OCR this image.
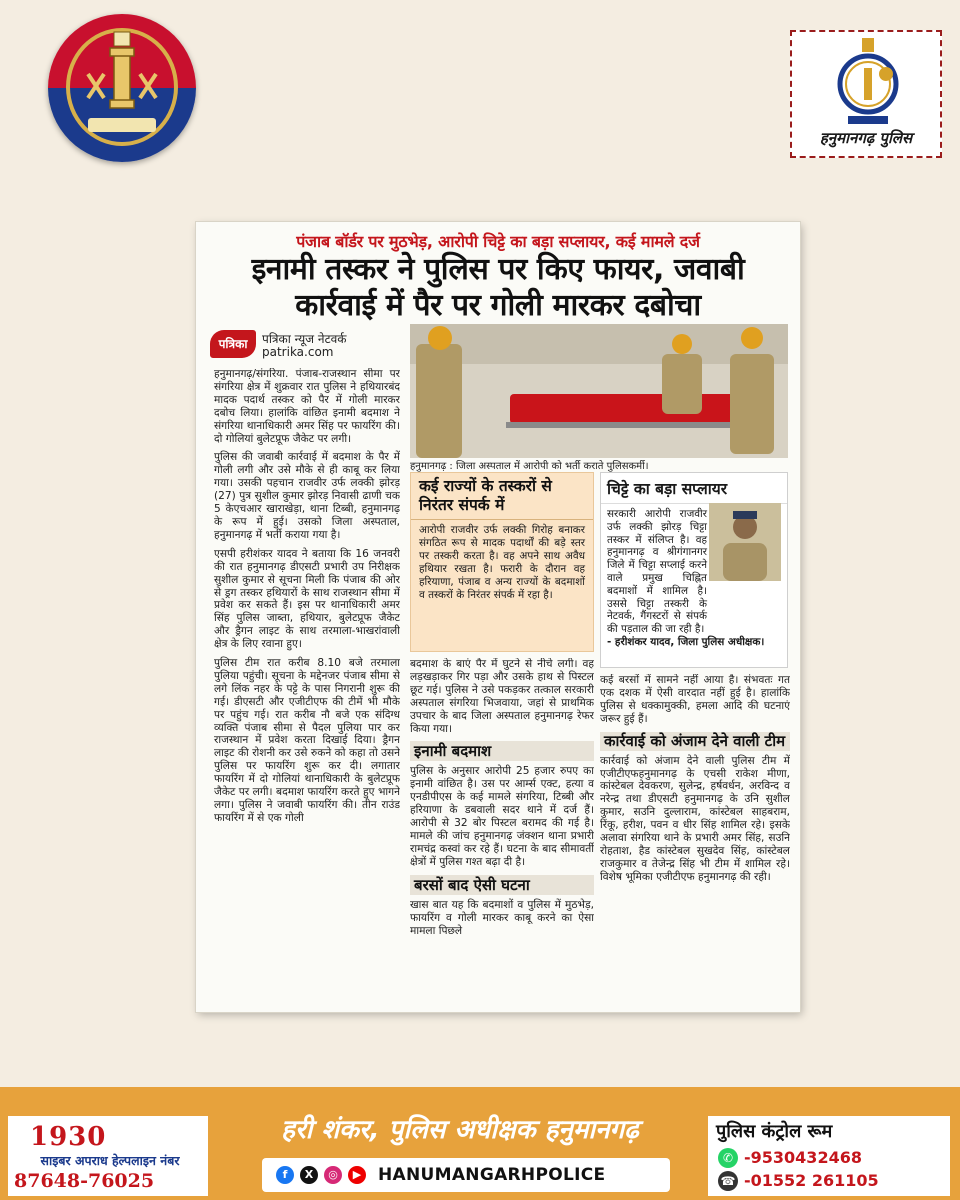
हनुमानगढ़ पुलिस
पंजाब बॉर्डर पर मुठभेड़, आरोपी चिट्टे का बड़ा सप्लायर, कई मामले दर्ज
इनामी तस्कर ने पुलिस पर किए फायर, जवाबी
कार्रवाई में पैर पर गोली मारकर दबोचा
पत्रिका	पत्रिका न्यूज नेटवर्क
patrika.com

हनुमानगढ़/संगरिया. पंजाब-राजस्थान सीमा पर संगरिया क्षेत्र में शुक्रवार रात पुलिस ने हथियारबंद मादक पदार्थ तस्कर को पैर में गोली मारकर दबोच लिया। हालांकि वांछित इनामी बदमाश ने संगरिया थानाधिकारी अमर सिंह पर फायरिंग की। दो गोलियां बुलेटप्रूफ जैकेट पर लगी।

पुलिस की जवाबी कार्रवाई में बदमाश के पैर में गोली लगी और उसे मौके से ही काबू कर लिया गया। उसकी पहचान राजवीर उर्फ लक्की झोरड़ (27) पुत्र सुशील कुमार झोरड़ निवासी ढाणी चक 5 केएचआर खाराखेड़ा, थाना टिब्बी, हनुमानगढ़ के रूप में हुई। उसको जिला अस्पताल, हनुमानगढ़ में भर्ती कराया गया है।

एसपी हरीशंकर यादव ने बताया कि 16 जनवरी की रात हनुमानगढ़ डीएसटी प्रभारी उप निरीक्षक सुशील कुमार से सूचना मिली कि पंजाब की ओर से ड्रग तस्कर हथियारों के साथ राजस्थान सीमा में प्रवेश कर सकते हैं। इस पर थानाधिकारी अमर सिंह पुलिस जाब्ता, हथियार, बुलेटप्रूफ जैकेट और ड्रैगन लाइट के साथ तरमाला-भाखरांवाली क्षेत्र के लिए रवाना हुए।

पुलिस टीम रात करीब 8.10 बजे तरमाला पुलिया पहुंची। सूचना के मद्देनजर पंजाब सीमा से लगे लिंक नहर के पट्टे के पास निगरानी शुरू की गई। डीएसटी और एजीटीएफ की टीमें भी मौके पर पहुंच गई। रात करीब नौ बजे एक संदिग्ध व्यक्ति पंजाब सीमा से पैदल पुलिया पार कर राजस्थान में प्रवेश करता दिखाई दिया। ड्रैगन लाइट की रोशनी कर उसे रुकने को कहा तो उसने पुलिस पर फायरिंग शुरू कर दी। लगातार फायरिंग में दो गोलियां थानाधिकारी के बुलेटप्रूफ जैकेट पर लगी। बदमाश फायरिंग करते हुए भागने लगा। पुलिस ने जवाबी फायरिंग की। तीन राउंड फायरिंग में से एक गोली

हनुमानगढ़ : जिला अस्पताल में आरोपी को भर्ती कराते पुलिसकर्मी।
कई राज्यों के तस्करों से निरंतर संपर्क में
आरोपी राजवीर उर्फ लक्की गिरोह बनाकर संगठित रूप से मादक पदार्थों की बड़े स्तर पर तस्करी करता है। वह अपने साथ अवैध हथियार रखता है। फरारी के दौरान वह हरियाणा, पंजाब व अन्य राज्यों के बदमाशों व तस्करों के निरंतर संपर्क में रहा है।

बदमाश के बाएं पैर में घुटने से नीचे लगी। वह लड़खड़ाकर गिर पड़ा और उसके हाथ से पिस्टल छूट गई। पुलिस ने उसे पकड़कर तत्काल सरकारी अस्पताल संगरिया भिजवाया, जहां से प्राथमिक उपचार के बाद जिला अस्पताल हनुमानगढ़ रेफर किया गया।

इनामी बदमाश

पुलिस के अनुसार आरोपी 25 हजार रुपए का इनामी वांछित है। उस पर आर्म्स एक्ट, हत्या व एनडीपीएस के कई मामले संगरिया, टिब्बी और हरियाणा के डबवाली सदर थाने में दर्ज हैं। आरोपी से 32 बोर पिस्टल बरामद की गई है। मामले की जांच हनुमानगढ़ जंक्शन थाना प्रभारी रामचंद्र कस्वां कर रहे हैं। घटना के बाद सीमावर्ती क्षेत्रों में पुलिस गश्त बढ़ा दी है।

बरसों बाद ऐसी घटना

खास बात यह कि बदमाशों व पुलिस में मुठभेड़, फायरिंग व गोली मारकर काबू करने का ऐसा मामला पिछले

चिट्टे का बड़ा सप्लायर
सरकारी आरोपी राजवीर उर्फ लक्की झोरड़ चिट्टा तस्कर में संलिप्त है। वह हनुमानगढ़ व श्रीगंगानगर जिले में चिट्टा सप्लाई करने वाले प्रमुख चिह्नित बदमाशों में शामिल है। उससे चिट्टा तस्करी के नेटवर्क, गैंगस्टरों से संपर्क की पड़ताल की जा रही है।
- हरीशंकर यादव, जिला पुलिस अधीक्षक।

कई बरसों में सामने नहीं आया है। संभवतः गत एक दशक में ऐसी वारदात नहीं हुई है। हालांकि पुलिस से धक्कामुक्की, हमला आदि की घटनाएं जरूर हुई हैं।

कार्रवाई को अंजाम देने वाली टीम

कार्रवाई को अंजाम देने वाली पुलिस टीम में एजीटीएफहनुमानगढ़ के एचसी राकेश मीणा, कांस्टेबल देवकरण, सुलेन्द्र, हर्षवर्धन, अरविन्द व नरेन्द्र तथा डीएसटी हनुमानगढ़ के उनि सुशील कुमार, सउनि दुल्लाराम, कांस्टेबल साहबराम, रिंकू, हरीश, पवन व धीर सिंह शामिल रहे। इसके अलावा संगरिया थाने के प्रभारी अमर सिंह, सउनि रोहताश, हैड कांस्टेबल सुखदेव सिंह, कांस्टेबल राजकुमार व तेजेन्द्र सिंह भी टीम में शामिल रहे। विशेष भूमिका एजीटीएफ हनुमानगढ़ की रही।

1930
साइबर अपराध हेल्पलाइन नंबर
87648-76025
हरी शंकर, पुलिस अधीक्षक हनुमानगढ़
f	X	◎	▶ HANUMANGARHPOLICE
पुलिस कंट्रोल रूम
✆ -9530432468
☎ -01552 261105
